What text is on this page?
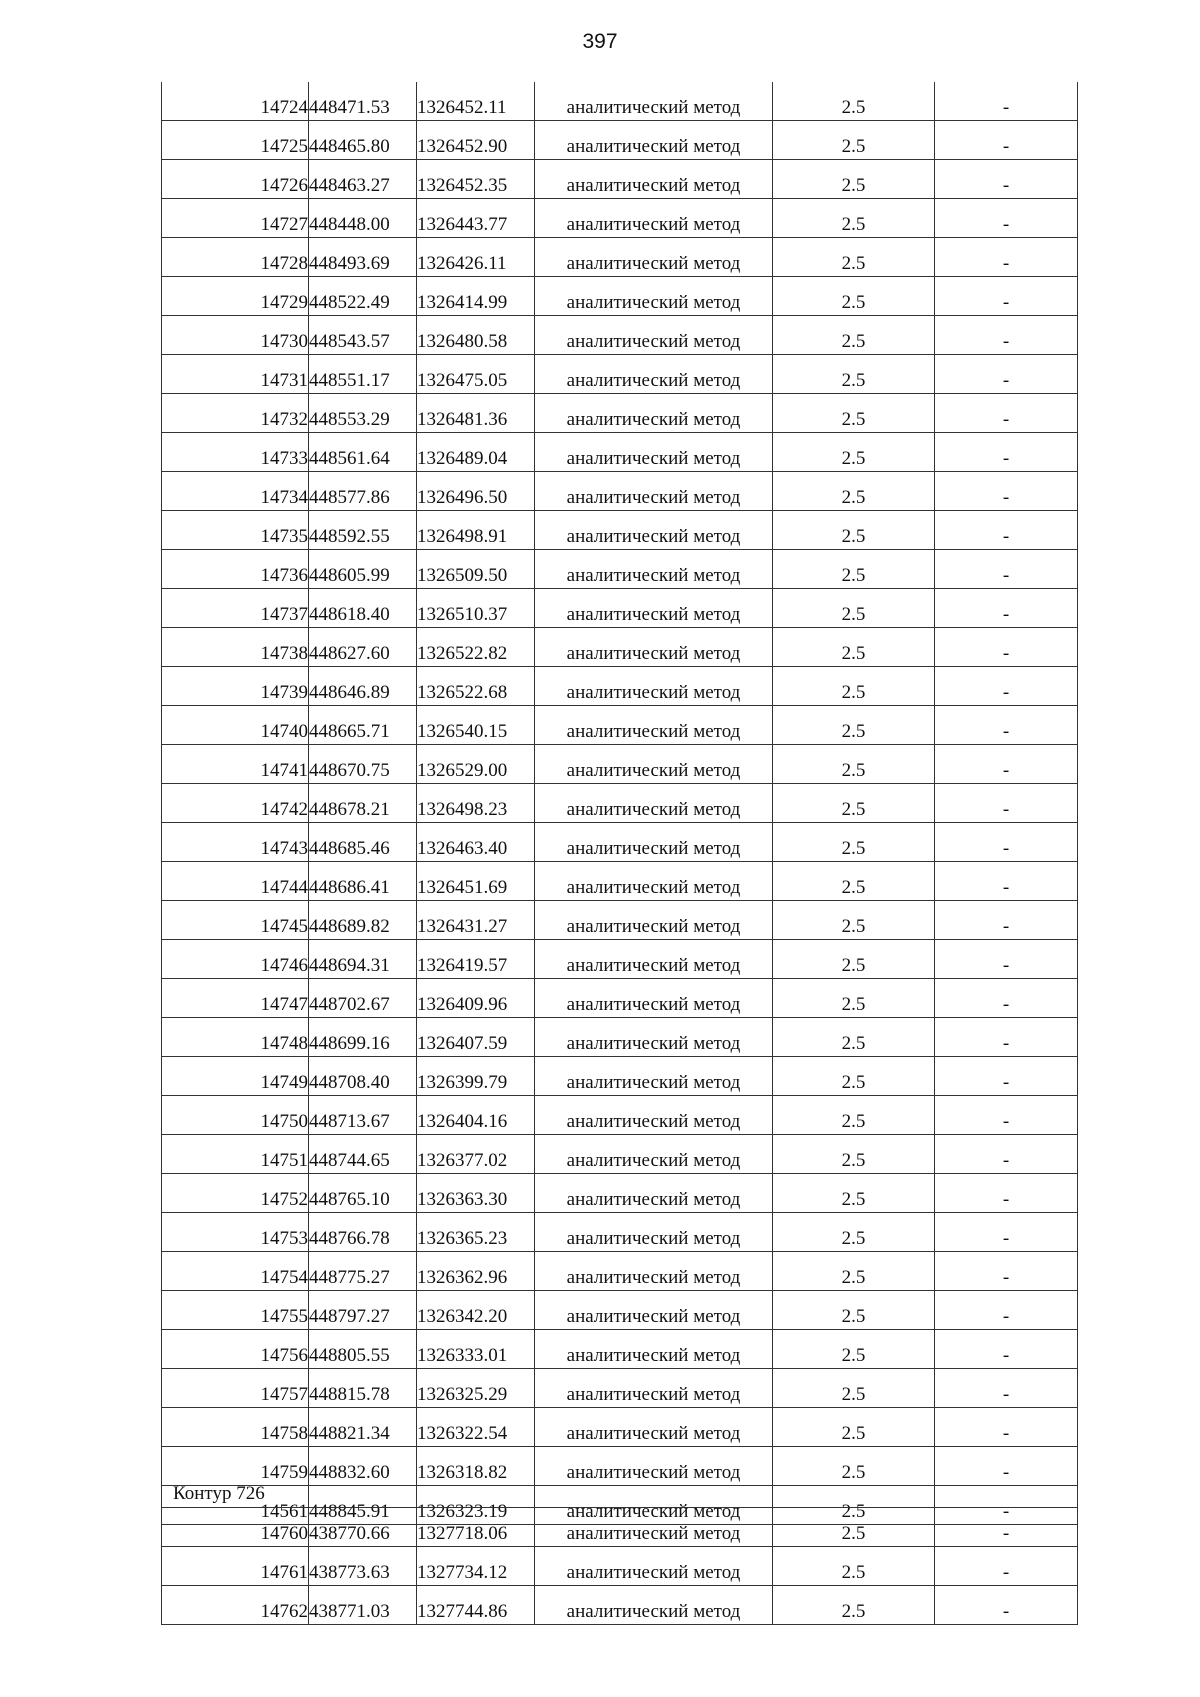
397
14724	448471.53	1326452.11	аналитический метод	2.5	-
14725	448465.80	1326452.90	аналитический метод	2.5	-
14726	448463.27	1326452.35	аналитический метод	2.5	-
14727	448448.00	1326443.77	аналитический метод	2.5	-
14728	448493.69	1326426.11	аналитический метод	2.5	-
14729	448522.49	1326414.99	аналитический метод	2.5	-
14730	448543.57	1326480.58	аналитический метод	2.5	-
14731	448551.17	1326475.05	аналитический метод	2.5	-
14732	448553.29	1326481.36	аналитический метод	2.5	-
14733	448561.64	1326489.04	аналитический метод	2.5	-
14734	448577.86	1326496.50	аналитический метод	2.5	-
14735	448592.55	1326498.91	аналитический метод	2.5	-
14736	448605.99	1326509.50	аналитический метод	2.5	-
14737	448618.40	1326510.37	аналитический метод	2.5	-
14738	448627.60	1326522.82	аналитический метод	2.5	-
14739	448646.89	1326522.68	аналитический метод	2.5	-
14740	448665.71	1326540.15	аналитический метод	2.5	-
14741	448670.75	1326529.00	аналитический метод	2.5	-
14742	448678.21	1326498.23	аналитический метод	2.5	-
14743	448685.46	1326463.40	аналитический метод	2.5	-
14744	448686.41	1326451.69	аналитический метод	2.5	-
14745	448689.82	1326431.27	аналитический метод	2.5	-
14746	448694.31	1326419.57	аналитический метод	2.5	-
14747	448702.67	1326409.96	аналитический метод	2.5	-
14748	448699.16	1326407.59	аналитический метод	2.5	-
14749	448708.40	1326399.79	аналитический метод	2.5	-
14750	448713.67	1326404.16	аналитический метод	2.5	-
14751	448744.65	1326377.02	аналитический метод	2.5	-
14752	448765.10	1326363.30	аналитический метод	2.5	-
14753	448766.78	1326365.23	аналитический метод	2.5	-
14754	448775.27	1326362.96	аналитический метод	2.5	-
14755	448797.27	1326342.20	аналитический метод	2.5	-
14756	448805.55	1326333.01	аналитический метод	2.5	-
14757	448815.78	1326325.29	аналитический метод	2.5	-
14758	448821.34	1326322.54	аналитический метод	2.5	-
14759	448832.60	1326318.82	аналитический метод	2.5	-
14561	448845.91	1326323.19	аналитический метод	2.5	-
Контур 726
14760	438770.66	1327718.06	аналитический метод	2.5	-
14761	438773.63	1327734.12	аналитический метод	2.5	-
14762	438771.03	1327744.86	аналитический метод	2.5	-
